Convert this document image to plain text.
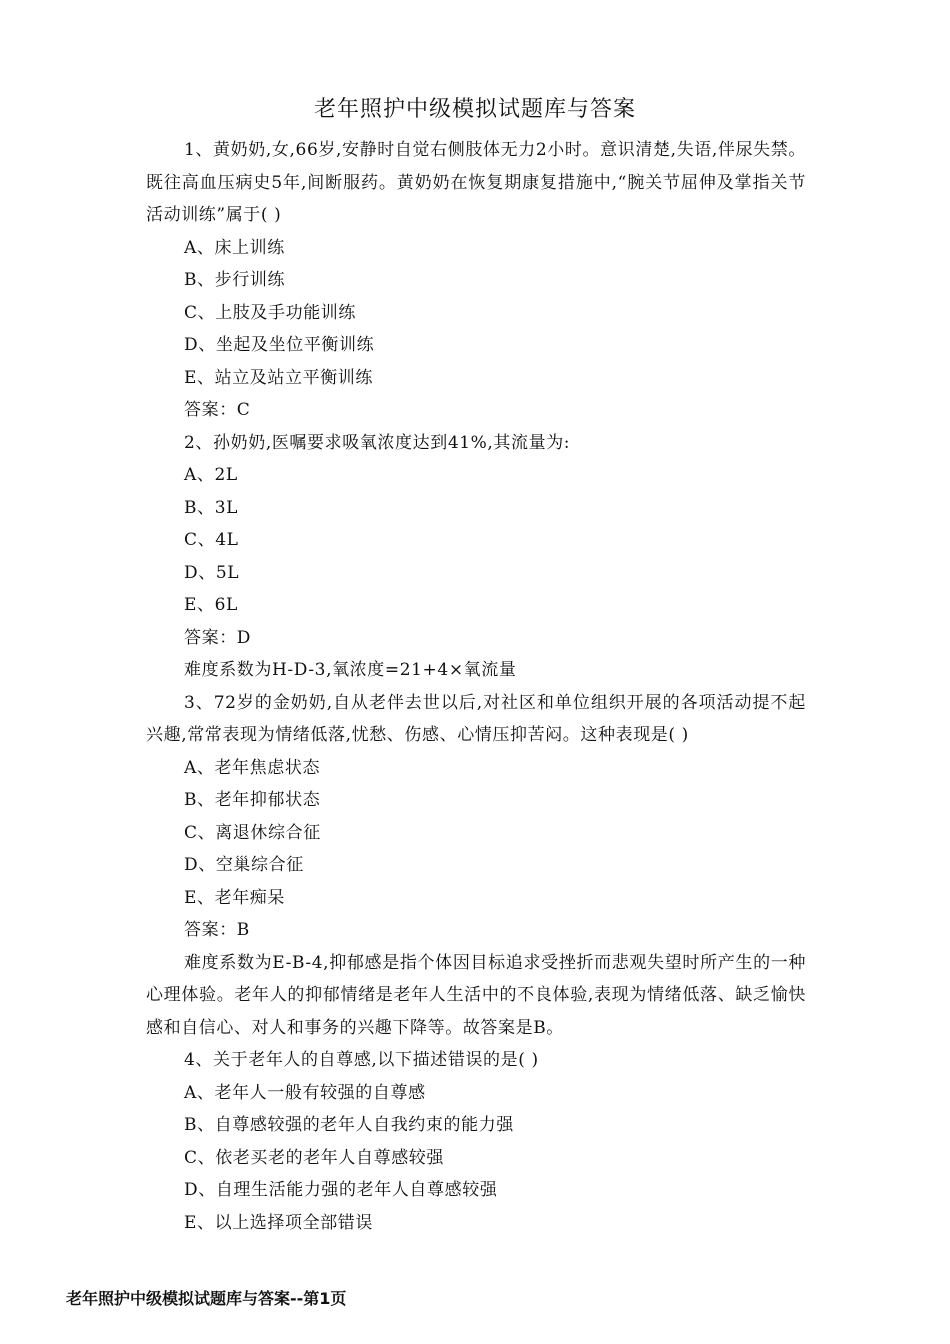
老年照护中级模拟试题库与答案

1、黄奶奶,女,66岁,安静时自觉右侧肢体无力2小时。意识清楚,失语,伴尿失禁。既往高血压病史5年,间断服药。黄奶奶在恢复期康复措施中,“腕关节屈伸及掌指关节活动训练”属于( )

A、床上训练

B、步行训练

C、上肢及手功能训练

D、坐起及坐位平衡训练

E、站立及站立平衡训练

答案：C

2、孙奶奶,医嘱要求吸氧浓度达到41%,其流量为:

A、2L

B、3L

C、4L

D、5L

E、6L

答案：D

难度系数为H-D-3,氧浓度=21+4×氧流量

3、72岁的金奶奶,自从老伴去世以后,对社区和单位组织开展的各项活动提不起兴趣,常常表现为情绪低落,忧愁、伤感、心情压抑苦闷。这种表现是( )

A、老年焦虑状态

B、老年抑郁状态

C、离退休综合征

D、空巢综合征

E、老年痴呆

答案：B

难度系数为E-B-4,抑郁感是指个体因目标追求受挫折而悲观失望时所产生的一种心理体验。老年人的抑郁情绪是老年人生活中的不良体验,表现为情绪低落、缺乏愉快感和自信心、对人和事务的兴趣下降等。故答案是B。

4、关于老年人的自尊感,以下描述错误的是( )

A、老年人一般有较强的自尊感

B、自尊感较强的老年人自我约束的能力强

C、依老买老的老年人自尊感较强

D、自理生活能力强的老年人自尊感较强

E、以上选择项全部错误

老年照护中级模拟试题库与答案--第1页
